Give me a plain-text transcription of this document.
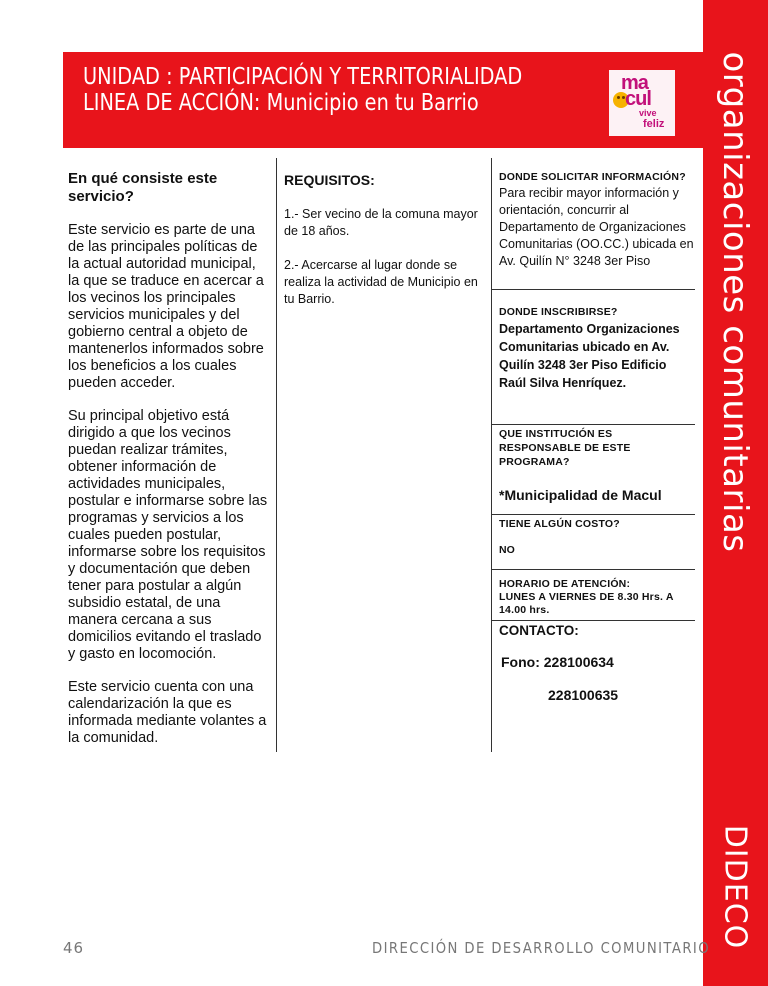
organizaciones comunitarias
DIDECO
UNIDAD : PARTICIPACIÓN Y TERRITORIALIDAD
LINEA DE ACCIÓN: Municipio en tu Barrio
ma
cul
vive
feliz
En qué consiste este servicio?

Este servicio es parte de una de las principales políticas de la actual autoridad municipal, la que se traduce en acercar a los vecinos los principales servicios municipales y del gobierno central a objeto de mantenerlos informados sobre los beneficios a los cuales pueden acceder.

Su principal objetivo está dirigido a que los vecinos puedan realizar trámites, obtener información de actividades municipales, postular e informarse sobre las programas y servicios a los cuales pueden postular, informarse sobre los requisitos y documentación que deben tener para postular a algún subsidio estatal, de una manera cercana a sus domicilios evitando el traslado y gasto en locomoción.

Este servicio cuenta con una calendarización la que es informada mediante volantes a la comunidad.

REQUISITOS:

1.- Ser vecino de la comuna mayor de 18 años.

2.- Acercarse al lugar donde se realiza la actividad de Municipio en tu Barrio.

DONDE SOLICITAR INFORMACIÓN?
Para recibir mayor información y orientación, concurrir al Departamento de Organizaciones Comunitarias (OO.CC.) ubicada en Av. Quilín N° 3248 3er Piso
DONDE INSCRIBIRSE?
Departamento Organizaciones Comunitarias ubicado en Av. Quilín 3248 3er Piso Edificio Raúl Silva Henríquez.
QUE INSTITUCIÓN ES RESPONSABLE DE ESTE PROGRAMA?
*Municipalidad de Macul
TIENE ALGÚN COSTO?
NO
HORARIO DE ATENCIÓN:
LUNES A VIERNES DE 8.30 Hrs. A 14.00 hrs.
CONTACTO:
Fono: 228100634
228100635
46	DIRECCIÓN DE DESARROLLO COMUNITARIO
